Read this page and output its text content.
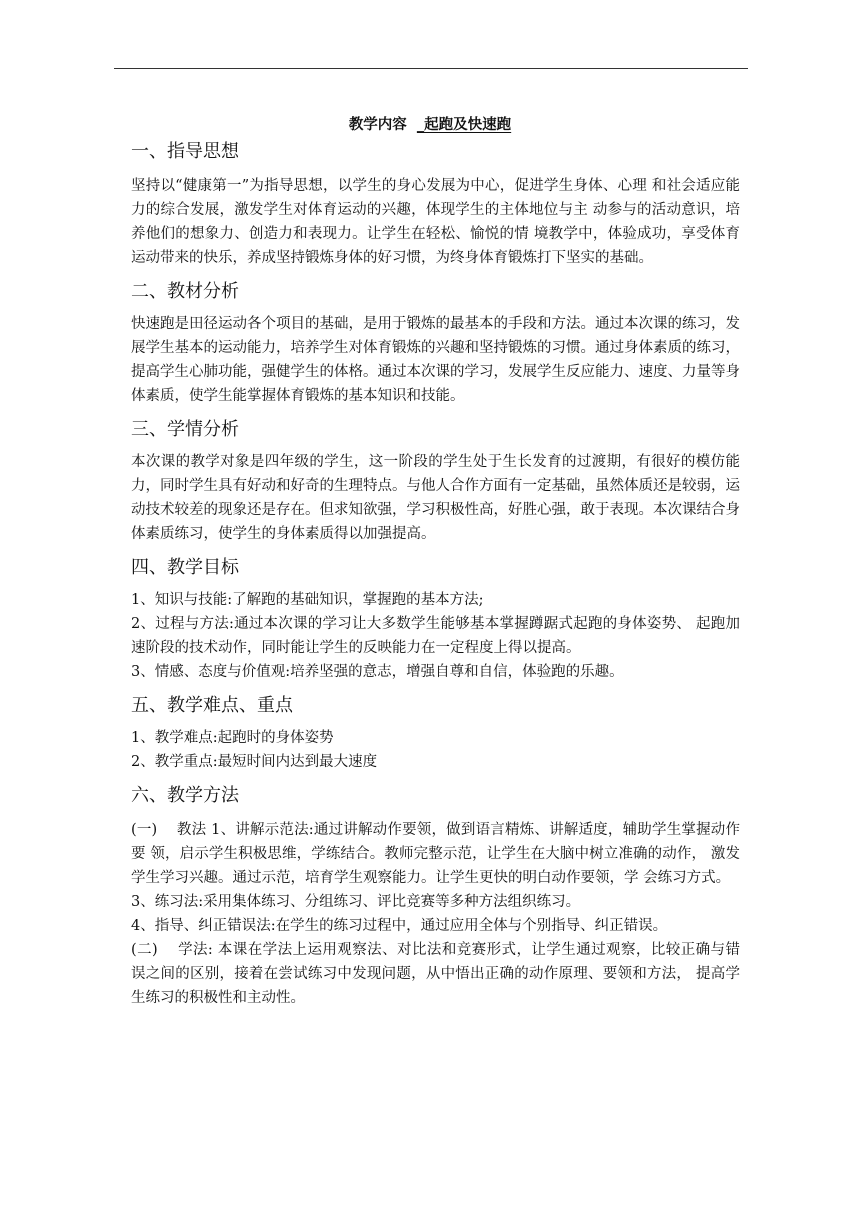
教学内容  _起跑及快速跑
一、指导思想

坚持以“健康第一”为指导思想，以学生的身心发展为中心，促进学生身体、心理 和社会适应能力的综合发展，激发学生对体育运动的兴趣，体现学生的主体地位与主 动参与的活动意识，培养他们的想象力、创造力和表现力。让学生在轻松、愉悦的情 境教学中，体验成功，享受体育运动带来的快乐，养成坚持锻炼身体的好习惯，为终身体育锻炼打下坚实的基础。

二、教材分析

快速跑是田径运动各个项目的基础，是用于锻炼的最基本的手段和方法。通过本次课的练习，发展学生基本的运动能力，培养学生对体育锻炼的兴趣和坚持锻炼的习惯。通过身体素质的练习，提高学生心肺功能，强健学生的体格。通过本次课的学习，发展学生反应能力、速度、力量等身体素质，使学生能掌握体育锻炼的基本知识和技能。

三、学情分析

本次课的教学对象是四年级的学生，这一阶段的学生处于生长发育的过渡期，有很好的模仿能力，同时学生具有好动和好奇的生理特点。与他人合作方面有一定基础，虽然体质还是较弱，运动技术较差的现象还是存在。但求知欲强，学习积极性高，好胜心强，敢于表现。本次课结合身体素质练习，使学生的身体素质得以加强提高。

四、教学目标

1、知识与技能:了解跑的基础知识，掌握跑的基本方法;

2、过程与方法:通过本次课的学习让大多数学生能够基本掌握蹲踞式起跑的身体姿势、 起跑加速阶段的技术动作，同时能让学生的反映能力在一定程度上得以提高。

3、情感、态度与价值观:培养坚强的意志，增强自尊和自信，体验跑的乐趣。

五、教学难点、重点

1、教学难点:起跑时的身体姿势

2、教学重点:最短时间内达到最大速度

六、教学方法

(一)　 教法 1、讲解示范法:通过讲解动作要领，做到语言精炼、讲解适度，辅助学生掌握动作要 领，启示学生积极思维，学练结合。教师完整示范，让学生在大脑中树立准确的动作， 激发学生学习兴趣。通过示范，培育学生观察能力。让学生更快的明白动作要领，学 会练习方式。

3、练习法:采用集体练习、分组练习、评比竞赛等多种方法组织练习。

4、指导、纠正错误法:在学生的练习过程中，通过应用全体与个别指导、纠正错误。

(二)　 学法: 本课在学法上运用观察法、对比法和竞赛形式，让学生通过观察，比较正确与错 误之间的区别，接着在尝试练习中发现问题，从中悟出正确的动作原理、要领和方法， 提高学生练习的积极性和主动性。
